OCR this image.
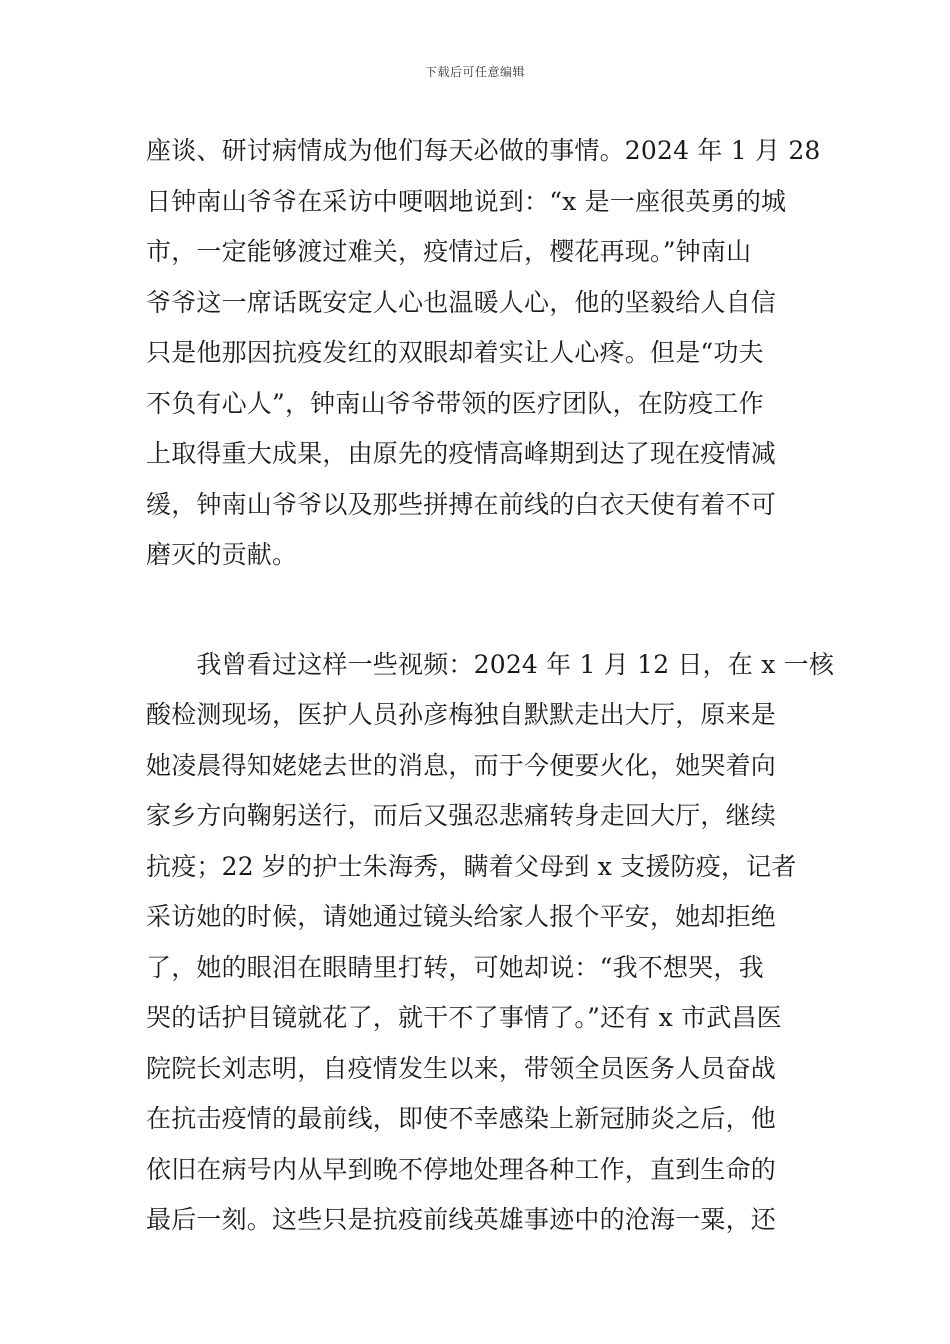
下载后可任意编辑

座谈、研讨病情成为他们每天必做的事情。2024 年 1 月 28
日钟南山爷爷在采访中哽咽地说到：“x 是一座很英勇的城
市，一定能够渡过难关，疫情过后，樱花再现。”钟南山
爷爷这一席话既安定人心也温暖人心，他的坚毅给人自信
只是他那因抗疫发红的双眼却着实让人心疼。但是“功夫
不负有心人”，钟南山爷爷带领的医疗团队，在防疫工作
上取得重大成果，由原先的疫情高峰期到达了现在疫情减
缓，钟南山爷爷以及那些拼搏在前线的白衣天使有着不可
磨灭的贡献。

　　我曾看过这样一些视频：2024 年 1 月 12 日，在 x 一核
酸检测现场，医护人员孙彦梅独自默默走出大厅，原来是
她凌晨得知姥姥去世的消息，而于今便要火化，她哭着向
家乡方向鞠躬送行，而后又强忍悲痛转身走回大厅，继续
抗疫；22 岁的护士朱海秀，瞒着父母到 x 支援防疫，记者
采访她的时候，请她通过镜头给家人报个平安，她却拒绝
了，她的眼泪在眼睛里打转，可她却说：“我不想哭，我
哭的话护目镜就花了，就干不了事情了。”还有 x 市武昌医
院院长刘志明，自疫情发生以来，带领全员医务人员奋战
在抗击疫情的最前线，即使不幸感染上新冠肺炎之后，他
依旧在病号内从早到晚不停地处理各种工作，直到生命的
最后一刻。这些只是抗疫前线英雄事迹中的沧海一粟，还
